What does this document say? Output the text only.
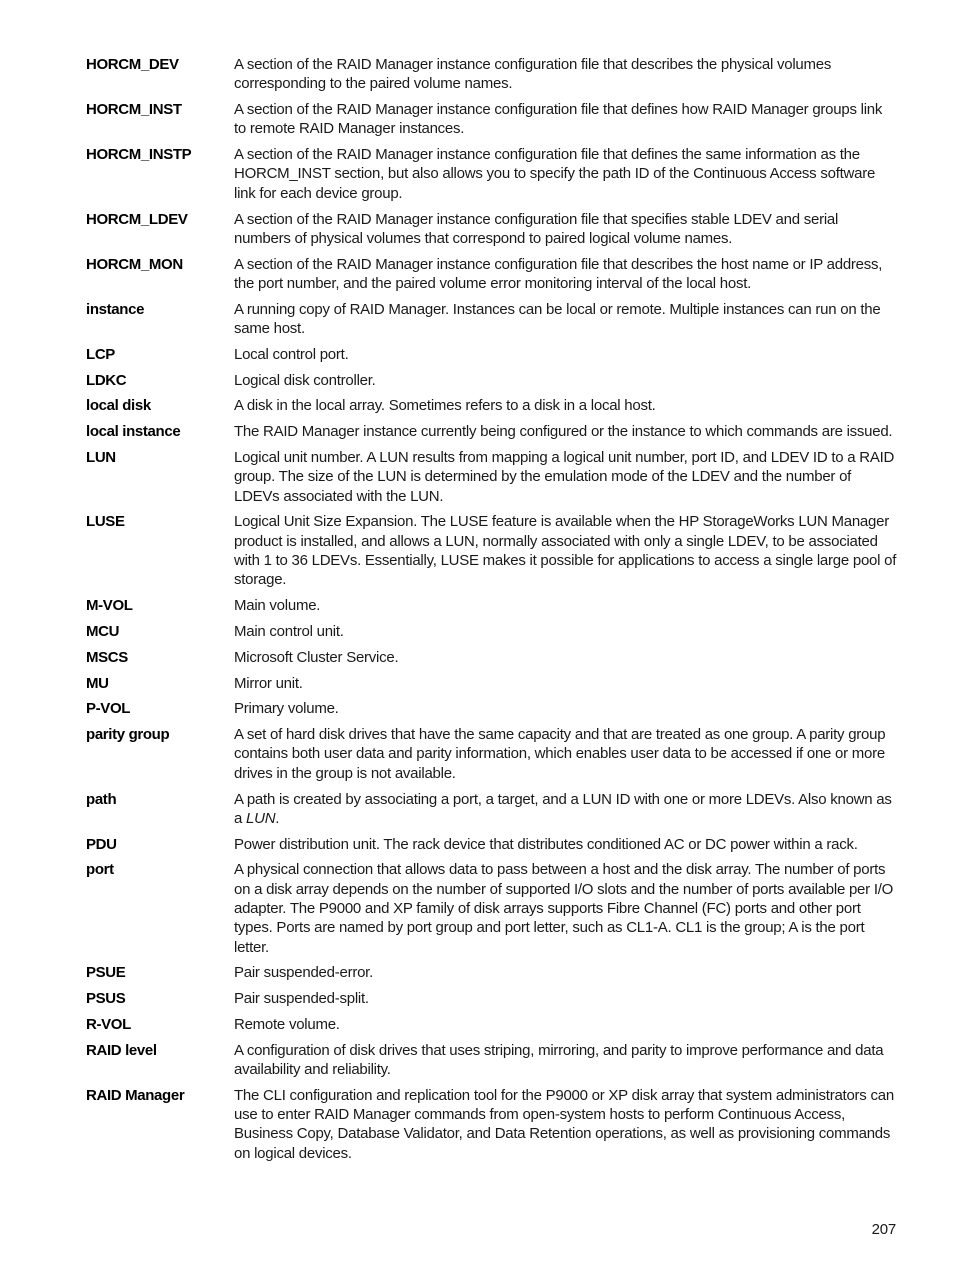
HORCM_DEV	A section of the RAID Manager instance configuration file that describes the physical volumes corresponding to the paired volume names.
HORCM_INST	A section of the RAID Manager instance configuration file that defines how RAID Manager groups link to remote RAID Manager instances.
HORCM_INSTP	A section of the RAID Manager instance configuration file that defines the same information as the HORCM_INST section, but also allows you to specify the path ID of the Continuous Access software link for each device group.
HORCM_LDEV	A section of the RAID Manager instance configuration file that specifies stable LDEV and serial numbers of physical volumes that correspond to paired logical volume names.
HORCM_MON	A section of the RAID Manager instance configuration file that describes the host name or IP address, the port number, and the paired volume error monitoring interval of the local host.
instance	A running copy of RAID Manager. Instances can be local or remote. Multiple instances can run on the same host.
LCP	Local control port.
LDKC	Logical disk controller.
local disk	A disk in the local array. Sometimes refers to a disk in a local host.
local instance	The RAID Manager instance currently being configured or the instance to which commands are issued.
LUN	Logical unit number. A LUN results from mapping a logical unit number, port ID, and LDEV ID to a RAID group. The size of the LUN is determined by the emulation mode of the LDEV and the number of LDEVs associated with the LUN.
LUSE	Logical Unit Size Expansion. The LUSE feature is available when the HP StorageWorks LUN Manager product is installed, and allows a LUN, normally associated with only a single LDEV, to be associated with 1 to 36 LDEVs. Essentially, LUSE makes it possible for applications to access a single large pool of storage.
M-VOL	Main volume.
MCU	Main control unit.
MSCS	Microsoft Cluster Service.
MU	Mirror unit.
P-VOL	Primary volume.
parity group	A set of hard disk drives that have the same capacity and that are treated as one group. A parity group contains both user data and parity information, which enables user data to be accessed if one or more drives in the group is not available.
path	A path is created by associating a port, a target, and a LUN ID with one or more LDEVs. Also known as a LUN.
PDU	Power distribution unit. The rack device that distributes conditioned AC or DC power within a rack.
port	A physical connection that allows data to pass between a host and the disk array. The number of ports on a disk array depends on the number of supported I/O slots and the number of ports available per I/O adapter. The P9000 and XP family of disk arrays supports Fibre Channel (FC) ports and other port types. Ports are named by port group and port letter, such as CL1-A. CL1 is the group; A is the port letter.
PSUE	Pair suspended-error.
PSUS	Pair suspended-split.
R-VOL	Remote volume.
RAID level	A configuration of disk drives that uses striping, mirroring, and parity to improve performance and data availability and reliability.
RAID Manager	The CLI configuration and replication tool for the P9000 or XP disk array that system administrators can use to enter RAID Manager commands from open-system hosts to perform Continuous Access, Business Copy, Database Validator, and Data Retention operations, as well as provisioning commands on logical devices.
207
